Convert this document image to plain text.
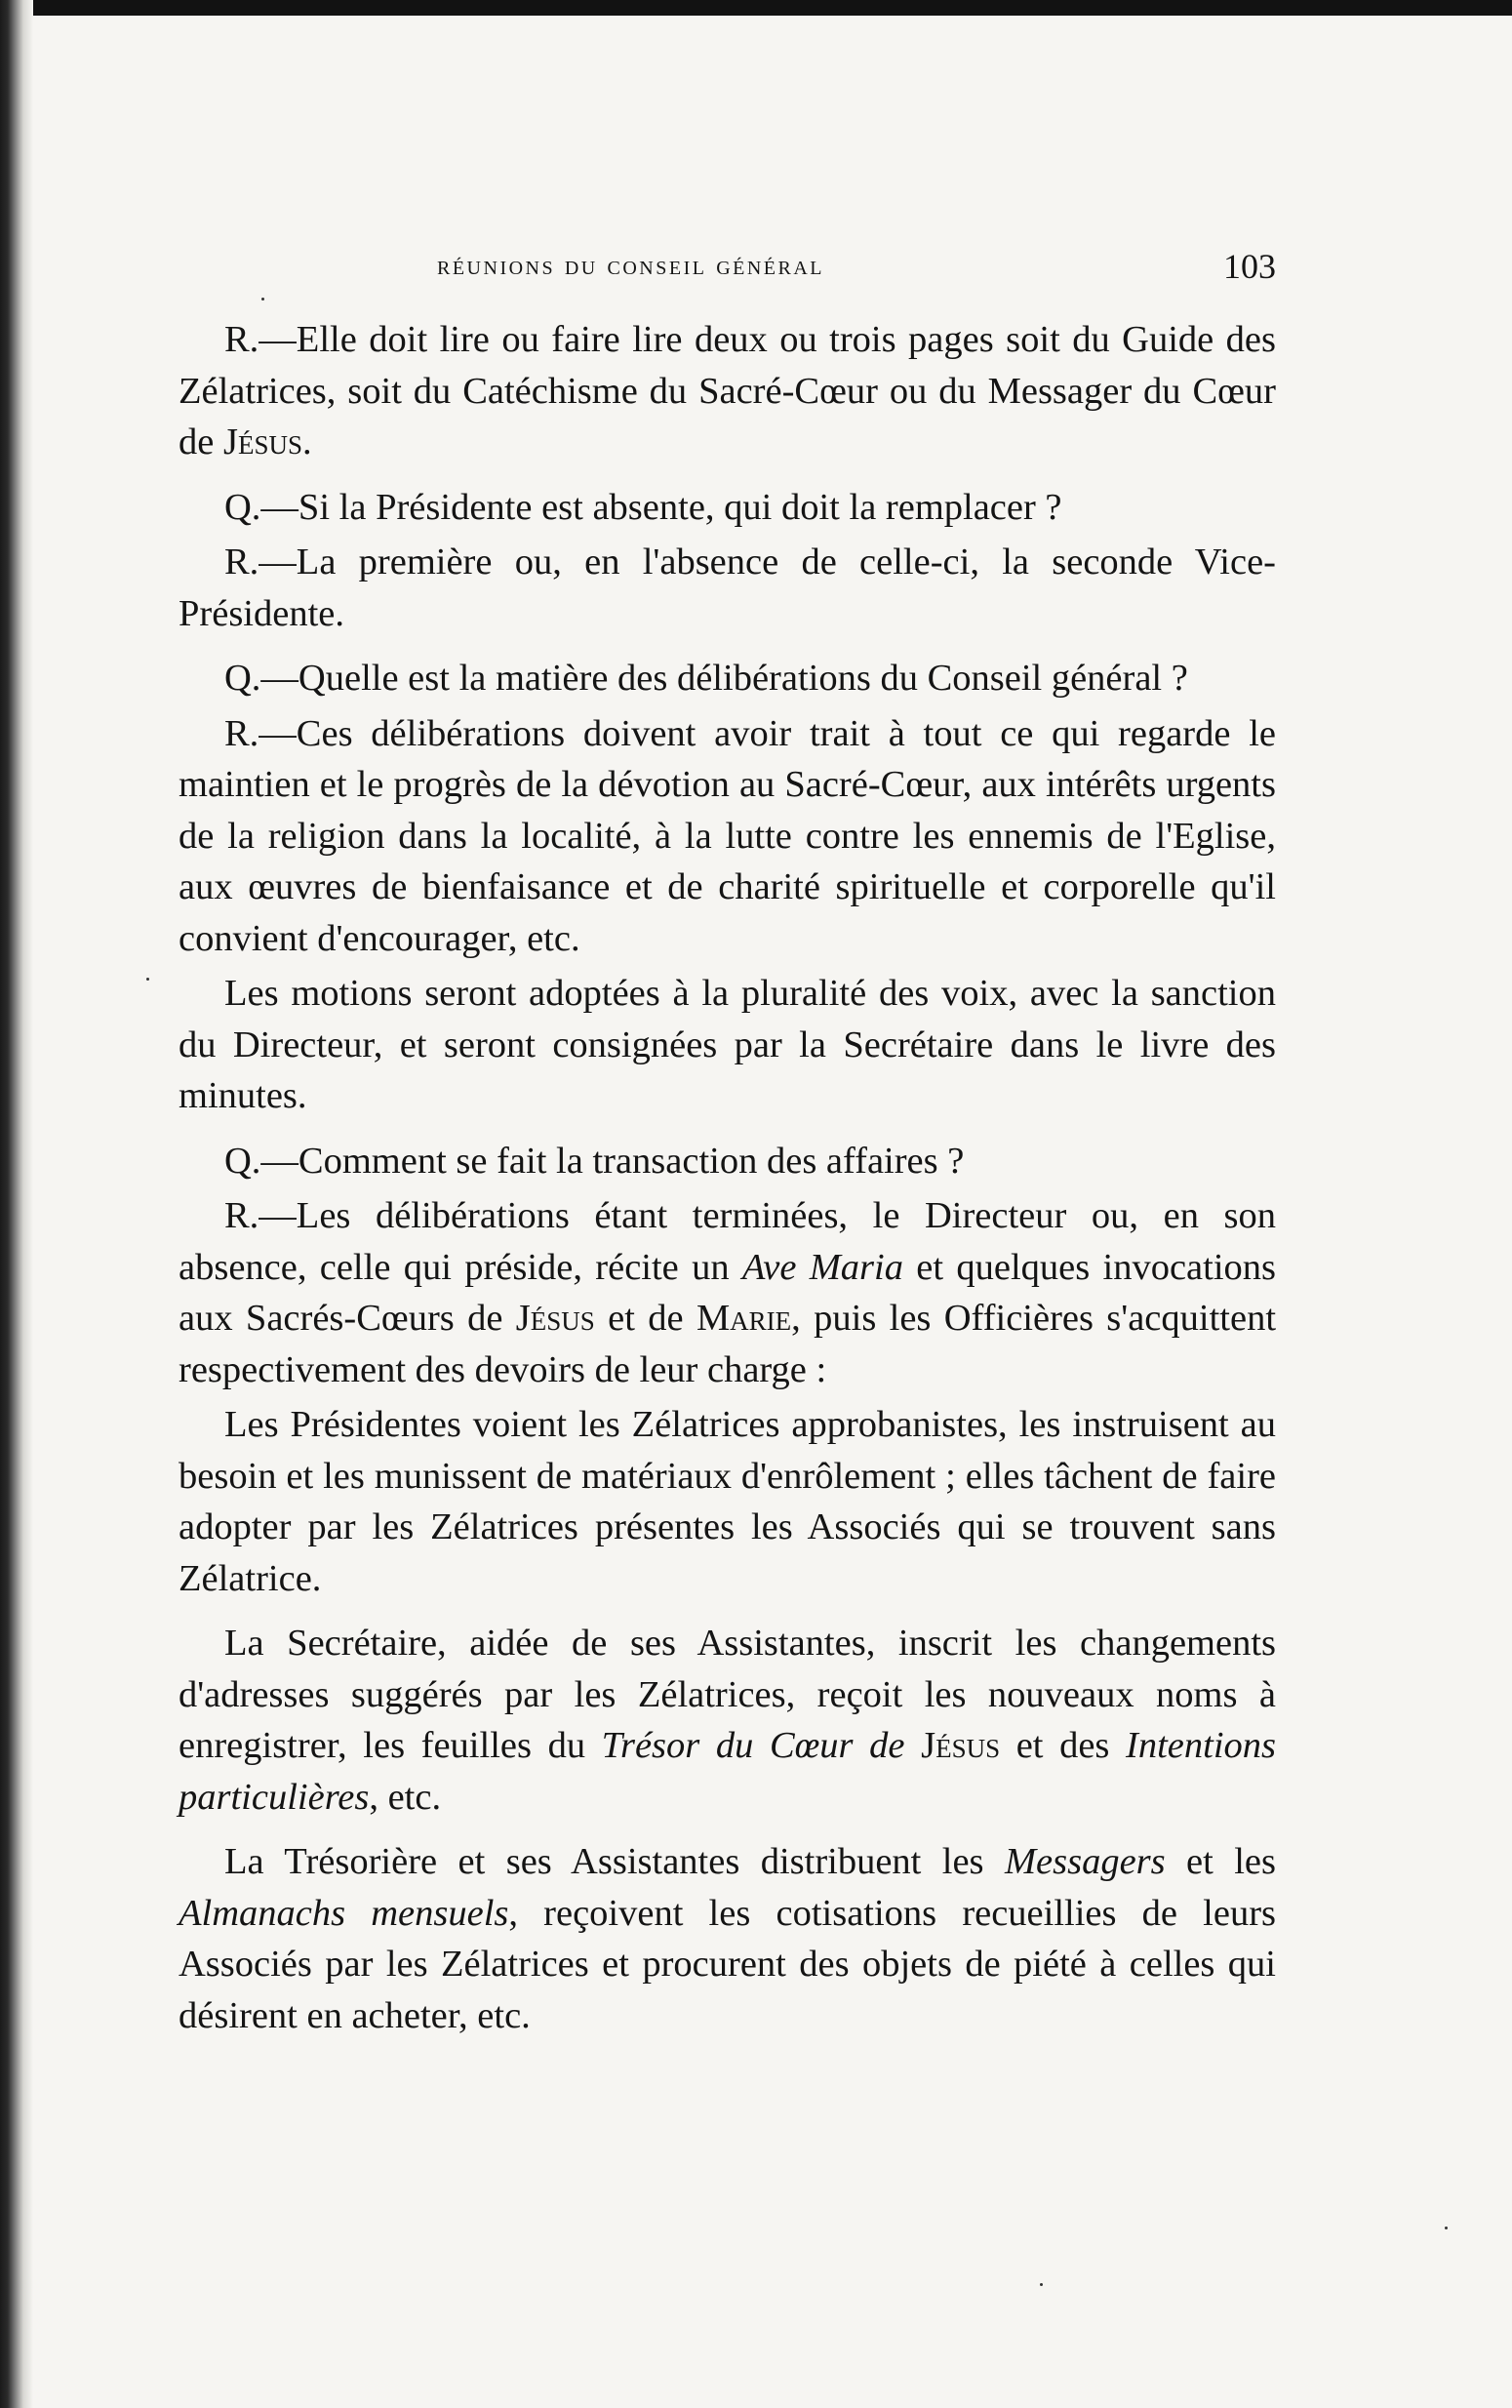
réunions du conseil général	103

R.—Elle doit lire ou faire lire deux ou trois pages soit du Guide des Zélatrices, soit du Catéchisme du Sacré-Cœur ou du Messager du Cœur de Jésus.

Q.—Si la Présidente est absente, qui doit la remplacer ?

R.—La première ou, en l'absence de celle-ci, la seconde Vice-Présidente.

Q.—Quelle est la matière des délibérations du Conseil général ?

R.—Ces délibérations doivent avoir trait à tout ce qui regarde le maintien et le progrès de la dévotion au Sacré-Cœur, aux intérêts urgents de la religion dans la localité, à la lutte contre les ennemis de l'Eglise, aux œuvres de bienfaisance et de charité spirituelle et corporelle qu'il convient d'encourager, etc.

Les motions seront adoptées à la pluralité des voix, avec la sanction du Directeur, et seront consignées par la Secrétaire dans le livre des minutes.

Q.—Comment se fait la transaction des affaires ?

R.—Les délibérations étant terminées, le Directeur ou, en son absence, celle qui préside, récite un Ave Maria et quelques invocations aux Sacrés-Cœurs de Jésus et de Marie, puis les Officières s'acquittent respectivement des devoirs de leur charge :

Les Présidentes voient les Zélatrices approbanistes, les instruisent au besoin et les munissent de matériaux d'enrôlement ; elles tâchent de faire adopter par les Zélatrices présentes les Associés qui se trouvent sans Zélatrice.

La Secrétaire, aidée de ses Assistantes, inscrit les changements d'adresses suggérés par les Zélatrices, reçoit les nouveaux noms à enregistrer, les feuilles du Trésor du Cœur de Jésus et des Intentions particulières, etc.

La Trésorière et ses Assistantes distribuent les Messagers et les Almanachs mensuels, reçoivent les cotisations recueillies de leurs Associés par les Zélatrices et procurent des objets de piété à celles qui désirent en acheter, etc.
